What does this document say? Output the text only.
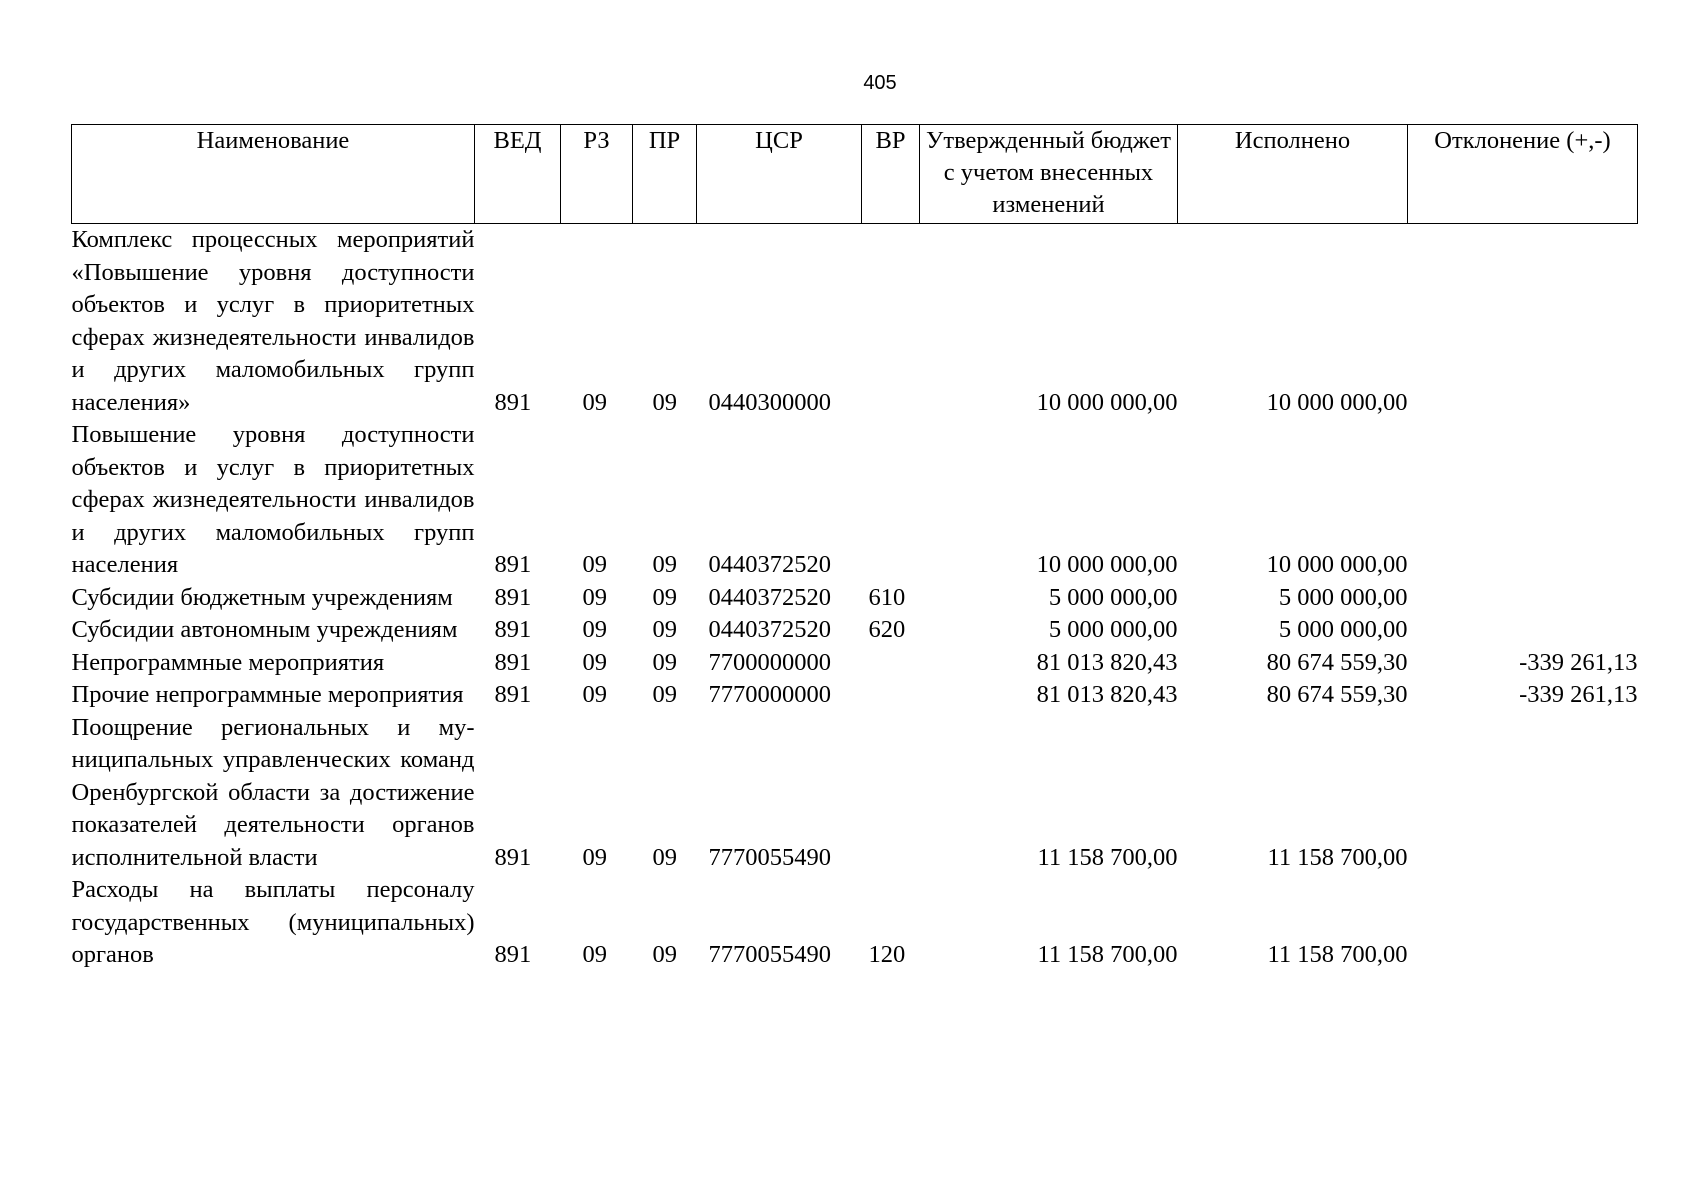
405
Наименование	ВЕД	РЗ	ПР	ЦСР	ВР	Утвержденный бюджет с учетом внесенных изменений	Исполнено	Отклонение (+,-)
Комплекс процессных мероприятий «Повышение уровня доступности объектов и услуг в приоритетных сферах жизнедеятельности инвалидов и других маломобильных групп населения»	891	09	09	0440300000		10 000 000,00	10 000 000,00	
Повышение уровня доступности объектов и услуг в приоритетных сферах жизнедеятельности инвалидов и других маломобильных групп населения	891	09	09	0440372520		10 000 000,00	10 000 000,00	
Субсидии бюджетным учреждениям	891	09	09	0440372520	610	5 000 000,00	5 000 000,00	
Субсидии автономным учреждениям	891	09	09	0440372520	620	5 000 000,00	5 000 000,00	
Непрограммные мероприятия	891	09	09	7700000000		81 013 820,43	80 674 559,30	-339 261,13
Прочие непрограммные мероприятия	891	09	09	7770000000		81 013 820,43	80 674 559,30	-339 261,13
Поощрение региональных и муниципальных управленческих команд Оренбургской области за достижение показателей деятельности органов исполнительной власти	891	09	09	7770055490		11 158 700,00	11 158 700,00	
Расходы на выплаты персоналу государственных (муниципальных) органов	891	09	09	7770055490	120	11 158 700,00	11 158 700,00	
